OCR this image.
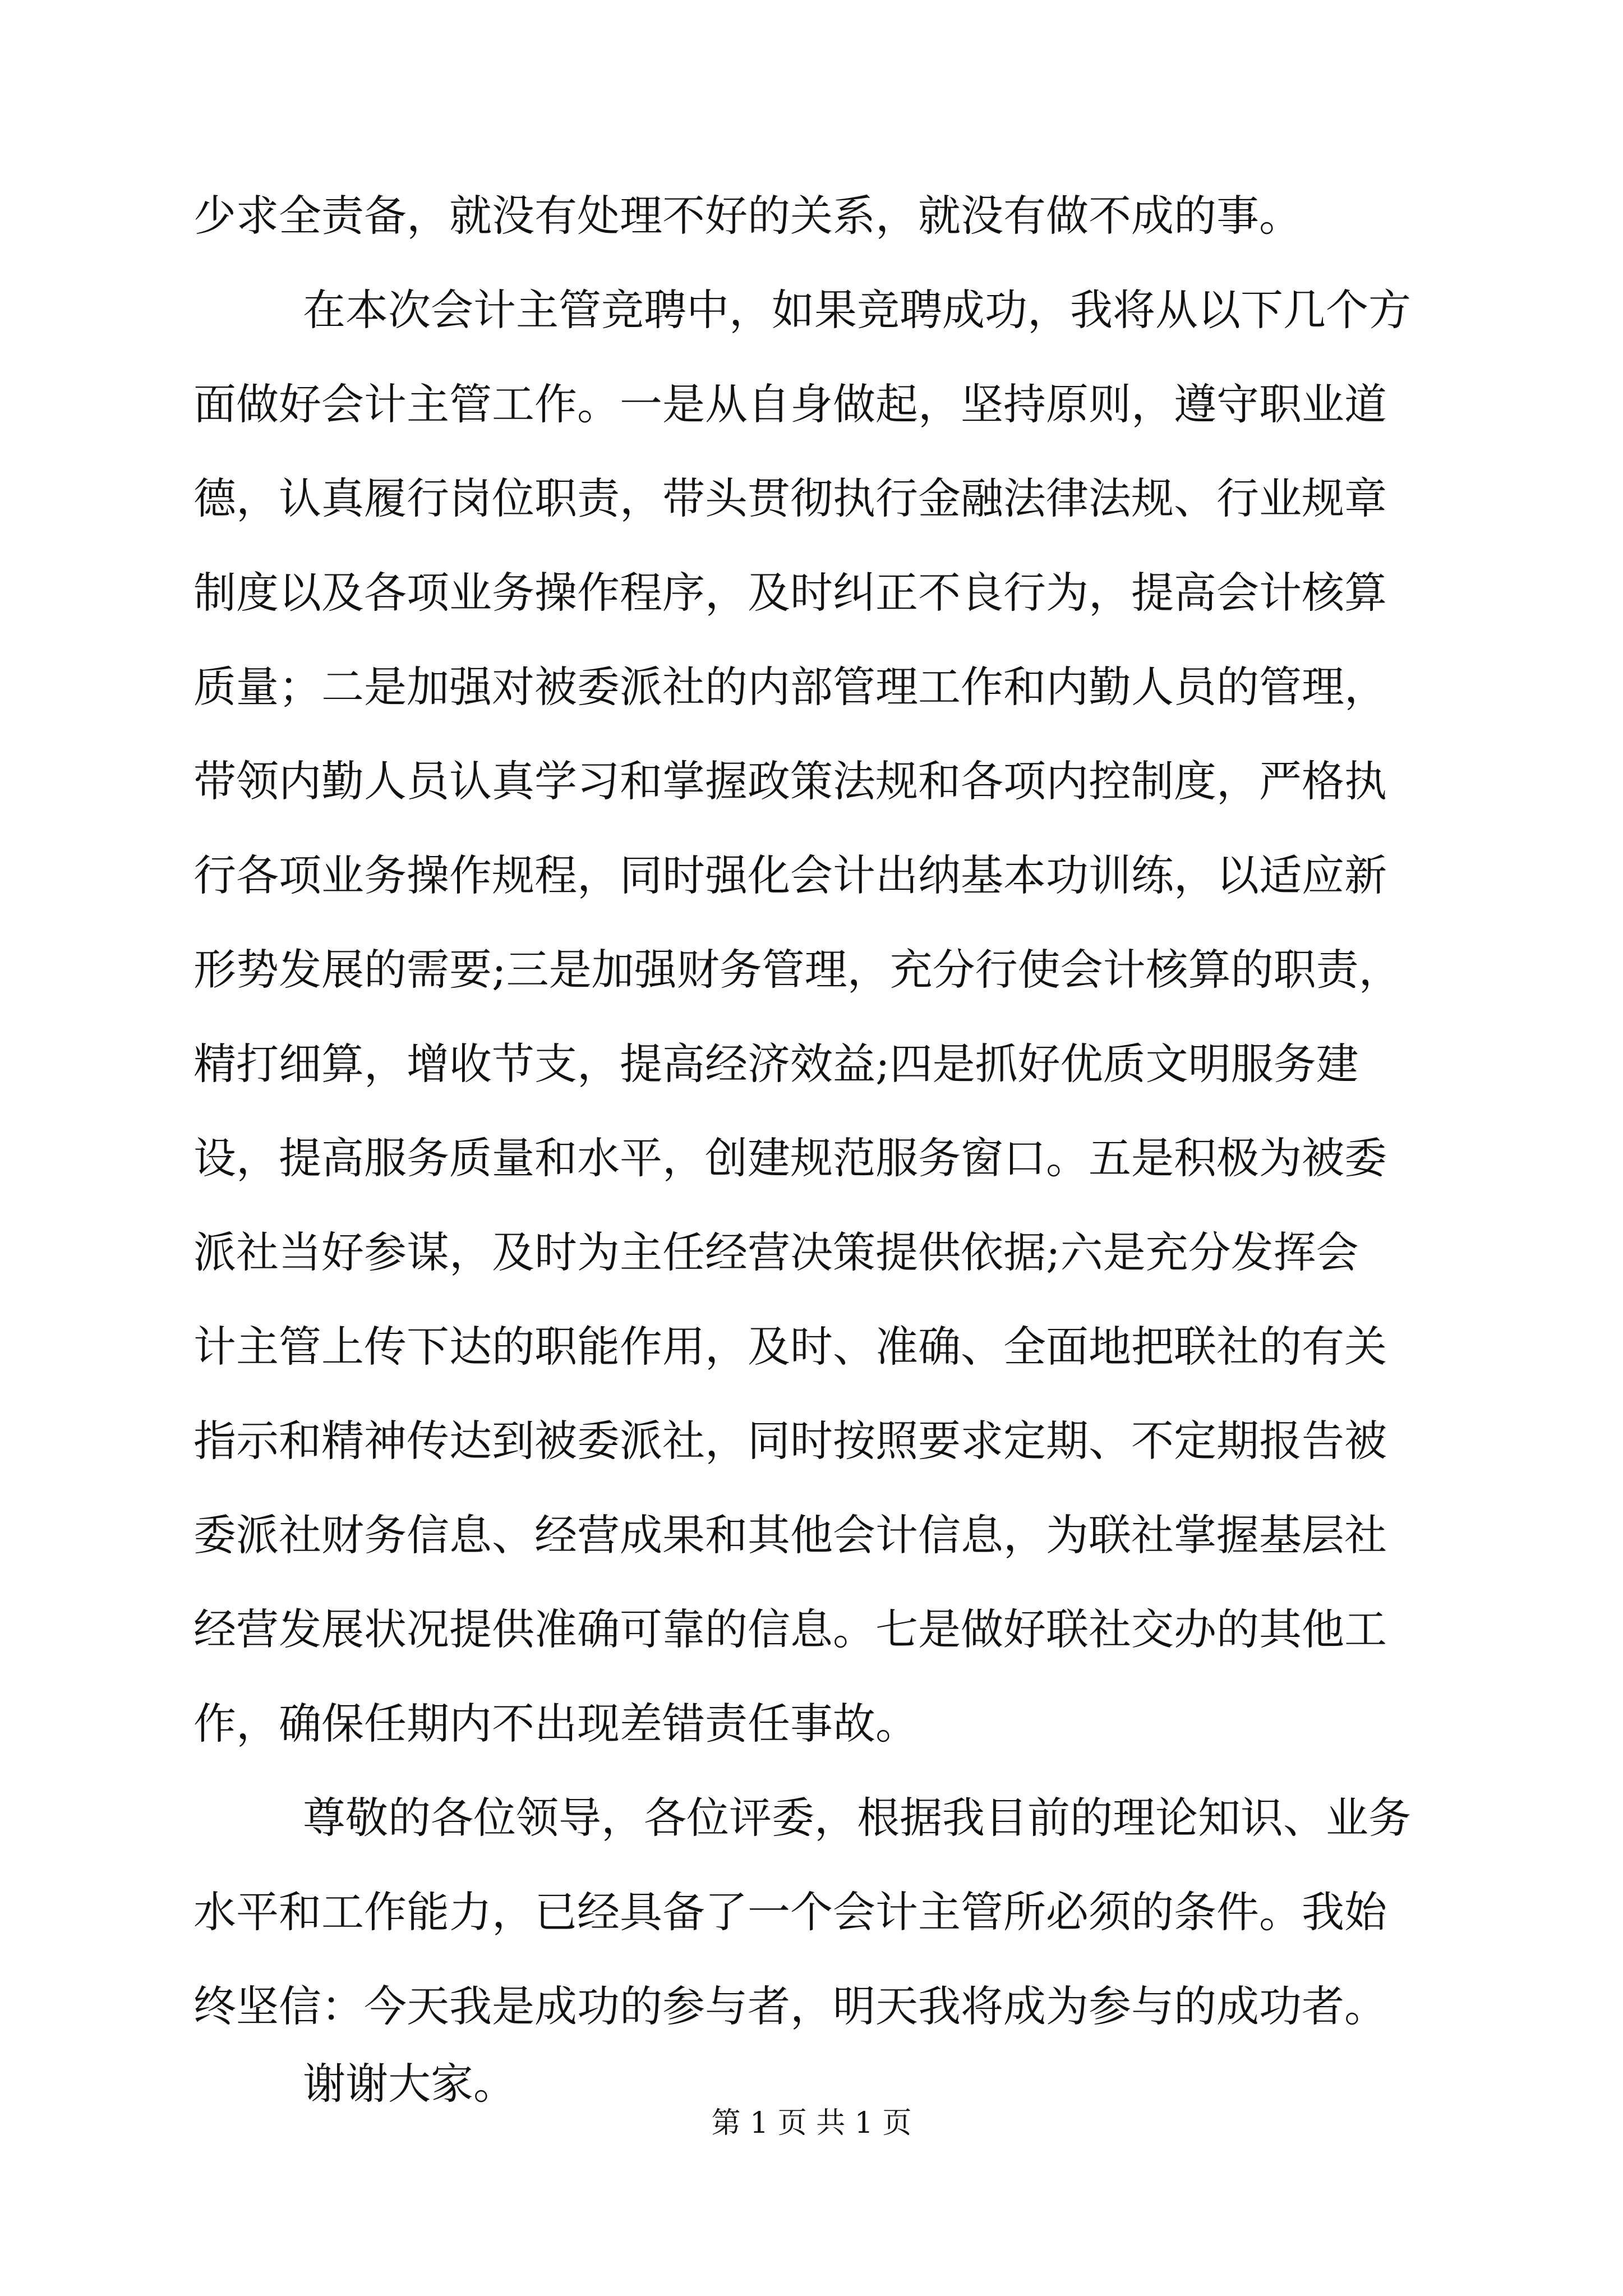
少求全责备，就没有处理不好的关系，就没有做不成的事。
在本次会计主管竞聘中，如果竞聘成功，我将从以下几个方
面做好会计主管工作。一是从自身做起，坚持原则，遵守职业道
德，认真履行岗位职责，带头贯彻执行金融法律法规、行业规章
制度以及各项业务操作程序，及时纠正不良行为，提高会计核算
质量；二是加强对被委派社的内部管理工作和内勤人员的管理，
带领内勤人员认真学习和掌握政策法规和各项内控制度，严格执
行各项业务操作规程，同时强化会计出纳基本功训练，以适应新
形势发展的需要;三是加强财务管理，充分行使会计核算的职责，
精打细算，增收节支，提高经济效益;四是抓好优质文明服务建
设，提高服务质量和水平，创建规范服务窗口。五是积极为被委
派社当好参谋，及时为主任经营决策提供依据;六是充分发挥会
计主管上传下达的职能作用，及时、准确、全面地把联社的有关
指示和精神传达到被委派社，同时按照要求定期、不定期报告被
委派社财务信息、经营成果和其他会计信息，为联社掌握基层社
经营发展状况提供准确可靠的信息。七是做好联社交办的其他工
作，确保任期内不出现差错责任事故。
尊敬的各位领导，各位评委，根据我目前的理论知识、业务
水平和工作能力，已经具备了一个会计主管所必须的条件。我始
终坚信：今天我是成功的参与者，明天我将成为参与的成功者。
谢谢大家。
第 1 页 共 1 页
